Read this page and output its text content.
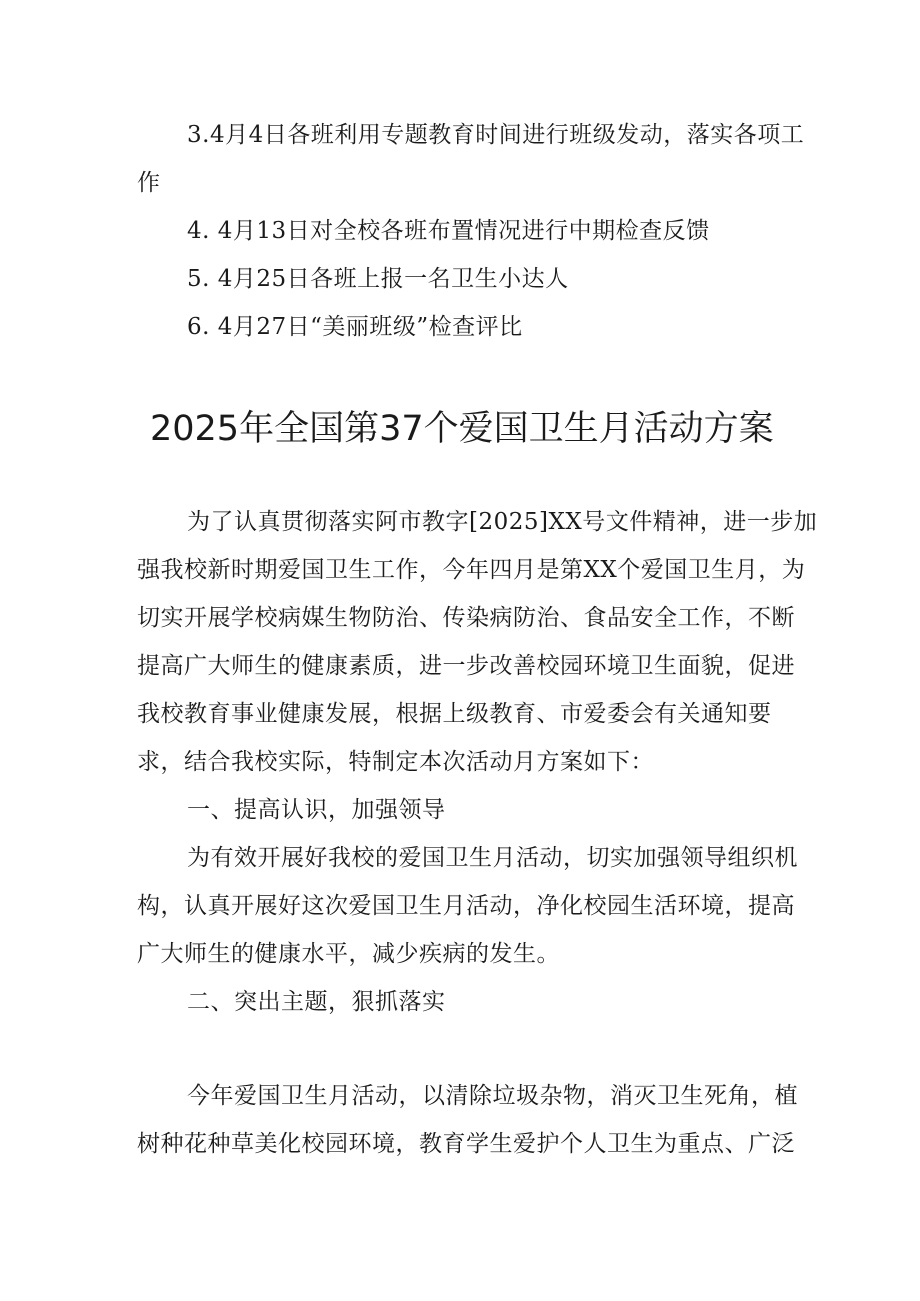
3.4月4日各班利用专题教育时间进行班级发动，落实各项工

作

4. 4月13日对全校各班布置情况进行中期检查反馈

5. 4月25日各班上报一名卫生小达人

6. 4月27日“美丽班级”检查评比

2025年全国第37个爱国卫生月活动方案

为了认真贯彻落实阿市教字[2025]XX号文件精神，进一步加

强我校新时期爱国卫生工作，今年四月是第XX个爱国卫生月，为

切实开展学校病媒生物防治、传染病防治、食品安全工作，不断

提高广大师生的健康素质，进一步改善校园环境卫生面貌，促进

我校教育事业健康发展，根据上级教育、市爱委会有关通知要

求，结合我校实际，特制定本次活动月方案如下：

一、提高认识，加强领导

为有效开展好我校的爱国卫生月活动，切实加强领导组织机

构，认真开展好这次爱国卫生月活动，净化校园生活环境，提高

广大师生的健康水平，减少疾病的发生。

二、突出主题，狠抓落实

今年爱国卫生月活动，以清除垃圾杂物，消灭卫生死角，植

树种花种草美化校园环境，教育学生爱护个人卫生为重点、广泛
